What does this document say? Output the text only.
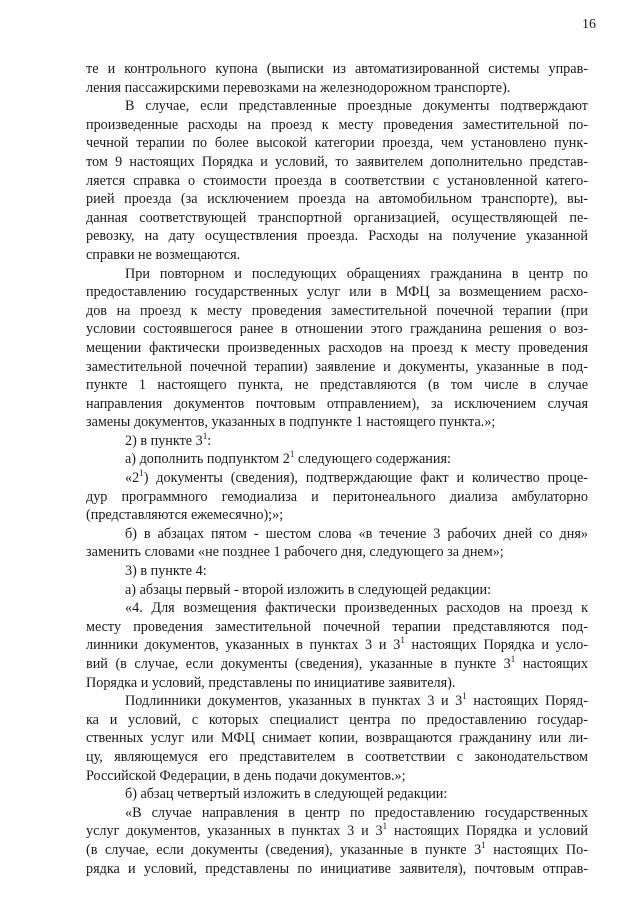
16

те и контрольного купона (выписки из автоматизированной системы управ-

ления пассажирскими перевозками на железнодорожном транспорте).

В случае, если представленные проездные документы подтверждают

произведенные расходы на проезд к месту проведения заместительной по-

чечной терапии по более высокой категории проезда, чем установлено пунк-

том 9 настоящих Порядка и условий, то заявителем дополнительно представ-

ляется справка о стоимости проезда в соответствии с установленной катего-

рией проезда (за исключением проезда на автомобильном транспорте), вы-

данная соответствующей транспортной организацией, осуществляющей пе-

ревозку, на дату осуществления проезда. Расходы на получение указанной

справки не возмещаются.

При повторном и последующих обращениях гражданина в центр по

предоставлению государственных услуг или в МФЦ за возмещением расхо-

дов на проезд к месту проведения заместительной почечной терапии (при

условии состоявшегося ранее в отношении этого гражданина решения о воз-

мещении фактически произведенных расходов на проезд к месту проведения

заместительной почечной терапии) заявление и документы, указанные в под-

пункте 1 настоящего пункта, не представляются (в том числе в случае

направления документов почтовым отправлением), за исключением случая

замены документов, указанных в подпункте 1 настоящего пункта.»;

2) в пункте $3^1$:

а) дополнить подпунктом $2^1$ следующего содержания:

«$2^1$) документы (сведения), подтверждающие факт и количество проце-

дур программного гемодиализа и перитонеального диализа амбулаторно

(представляются ежемесячно);»;

б) в абзацах пятом - шестом слова «в течение 3 рабочих дней со дня»

заменить словами «не позднее 1 рабочего дня, следующего за днем»;

3) в пункте 4:

а) абзацы первый - второй изложить в следующей редакции:

«4. Для возмещения фактически произведенных расходов на проезд к

месту проведения заместительной почечной терапии представляются под-

линники документов, указанных в пунктах 3 и $3^1$ настоящих Порядка и усло-

вий (в случае, если документы (сведения), указанные в пункте $3^1$ настоящих

Порядка и условий, представлены по инициативе заявителя).

Подлинники документов, указанных в пунктах 3 и $3^1$ настоящих Поряд-

ка и условий, с которых специалист центра по предоставлению государ-

ственных услуг или МФЦ снимает копии, возвращаются гражданину или ли-

цу, являющемуся его представителем в соответствии с законодательством

Российской Федерации, в день подачи документов.»;

б) абзац четвертый изложить в следующей редакции:

«В случае направления в центр по предоставлению государственных

услуг документов, указанных в пунктах 3 и $3^1$ настоящих Порядка и условий

(в случае, если документы (сведения), указанные в пункте $3^1$ настоящих По-

рядка и условий, представлены по инициативе заявителя), почтовым отправ-
